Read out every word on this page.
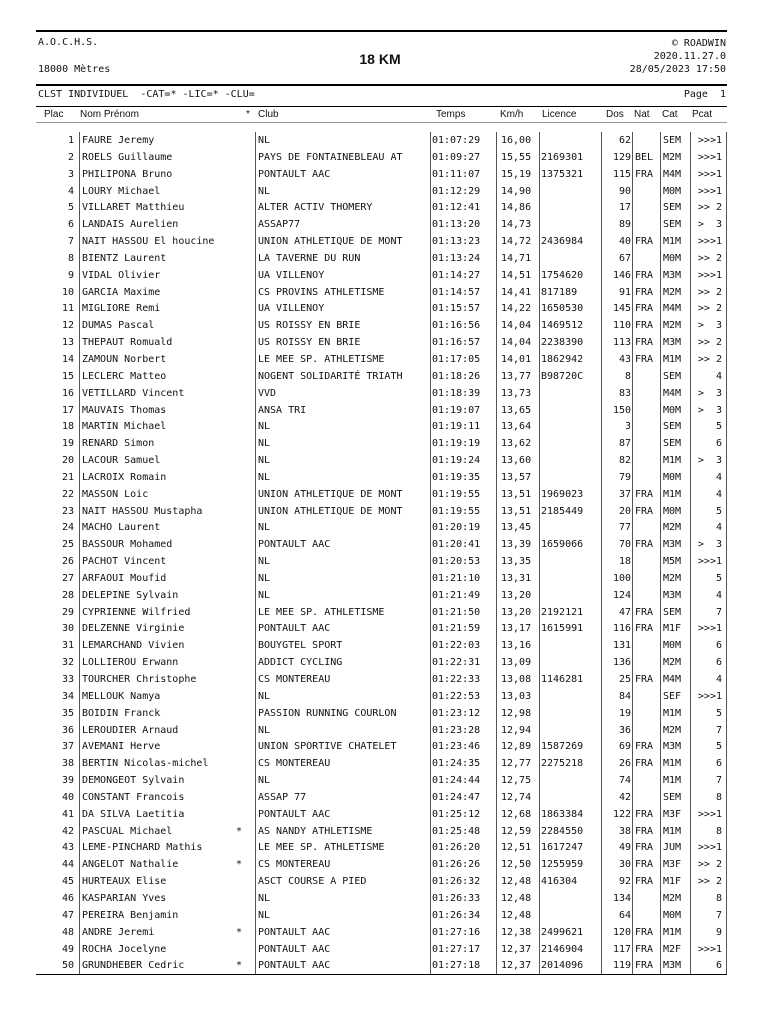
A.O.C.H.S.
18000 Mètres
18 KM
© ROADWIN
2020.11.27.0
28/05/2023 17:50
CLST INDIVIDUEL  -CAT=* -LIC=* -CLU=	Page  1
Plac Nom Prénom	* Club	Temps	Km/h Licence	Dos Nat Cat Pcat
1 FAURE Jeremy	NL	01:07:29	16,00	62	SEM	>>>1
2 ROELS Guillaume	PAYS DE FONTAINEBLEAU AT	01:09:27	15,55 2169301	129 BEL M2M	>>>1
3 PHILIPONA Bruno	PONTAULT AAC	01:11:07	15,19 1375321	115 FRA M4M	>>>1
4 LOURY Michael	NL	01:12:29	14,90	90	M0M	>>>1
5 VILLARET Matthieu	ALTER ACTIV THOMERY	01:12:41	14,86	17	SEM	>> 2
6 LANDAIS Aurelien	ASSAP77	01:13:20	14,73	89	SEM	>  3
7 NAIT HASSOU El houcine	UNION ATHLETIQUE DE MONT	01:13:23	14,72 2436984	40 FRA M1M	>>>1
8 BIENTZ Laurent	LA TAVERNE DU RUN	01:13:24	14,71	67	M0M	>> 2
9 VIDAL Olivier	UA VILLENOY	01:14:27	14,51 1754620	146 FRA M3M	>>>1
10 GARCIA Maxime	CS PROVINS ATHLETISME	01:14:57	14,41 817189	91 FRA M2M	>> 2
11 MIGLIORE Remi	UA VILLENOY	01:15:57	14,22 1650530	145 FRA M4M	>> 2
12 DUMAS Pascal	US ROISSY EN BRIE	01:16:56	14,04 1469512	110 FRA M2M	>  3
13 THEPAUT Romuald	US ROISSY EN BRIE	01:16:57	14,04 2238390	113 FRA M3M	>> 2
14 ZAMOUN Norbert	LE MEE SP. ATHLETISME	01:17:05	14,01 1862942	43 FRA M1M	>> 2
15 LECLERC Matteo	NOGENT SOLIDARITÉ TRIATH	01:18:26	13,77 B98720C	8	SEM	4
16 VETILLARD Vincent	VVD	01:18:39	13,73	83	M4M	>  3
17 MAUVAIS Thomas	ANSA TRI	01:19:07	13,65	150	M0M	>  3
18 MARTIN Michael	NL	01:19:11	13,64	3	SEM	5
19 RENARD Simon	NL	01:19:19	13,62	87	SEM	6
20 LACOUR Samuel	NL	01:19:24	13,60	82	M1M	>  3
21 LACROIX Romain	NL	01:19:35	13,57	79	M0M	4
22 MASSON Loic	UNION ATHLETIQUE DE MONT	01:19:55	13,51 1969023	37 FRA M1M	4
23 NAIT HASSOU Mustapha	UNION ATHLETIQUE DE MONT	01:19:55	13,51 2185449	20 FRA M0M	5
24 MACHO Laurent	NL	01:20:19	13,45	77	M2M	4
25 BASSOUR Mohamed	PONTAULT AAC	01:20:41	13,39 1659066	70 FRA M3M	>  3
26 PACHOT Vincent	NL	01:20:53	13,35	18	M5M	>>>1
27 ARFAOUI Moufid	NL	01:21:10	13,31	100	M2M	5
28 DELEPINE Sylvain	NL	01:21:49	13,20	124	M3M	4
29 CYPRIENNE Wilfried	LE MEE SP. ATHLETISME	01:21:50	13,20 2192121	47 FRA SEM	7
30 DELZENNE Virginie	PONTAULT AAC	01:21:59	13,17 1615991	116 FRA M1F	>>>1
31 LEMARCHAND Vivien	BOUYGTEL SPORT	01:22:03	13,16	131	M0M	6
32 LOLLIEROU Erwann	ADDICT CYCLING	01:22:31	13,09	136	M2M	6
33 TOURCHER Christophe	CS MONTEREAU	01:22:33	13,08 1146281	25 FRA M4M	4
34 MELLOUK Namya	NL	01:22:53	13,03	84	SEF	>>>1
35 BOIDIN Franck	PASSION RUNNING COURLON	01:23:12	12,98	19	M1M	5
36 LEROUDIER Arnaud	NL	01:23:28	12,94	36	M2M	7
37 AVEMANI Herve	UNION SPORTIVE CHATELET	01:23:46	12,89 1587269	69 FRA M3M	5
38 BERTIN Nicolas-michel	CS MONTEREAU	01:24:35	12,77 2275218	26 FRA M1M	6
39 DEMONGEOT Sylvain	NL	01:24:44	12,75	74	M1M	7
40 CONSTANT Francois	ASSAP 77	01:24:47	12,74	42	SEM	8
41 DA SILVA Laetitia	PONTAULT AAC	01:25:12	12,68 1863384	122 FRA M3F	>>>1
42 PASCUAL Michael	*	AS NANDY ATHLETISME	01:25:48	12,59 2284550	38 FRA M1M	8
43 LEME-PINCHARD Mathis	LE MEE SP. ATHLETISME	01:26:20	12,51 1617247	49 FRA JUM	>>>1
44 ANGELOT Nathalie	*	CS MONTEREAU	01:26:26	12,50 1255959	30 FRA M3F	>> 2
45 HURTEAUX Elise	ASCT COURSE A PIED	01:26:32	12,48 416304	92 FRA M1F	>> 2
46 KASPARIAN Yves	NL	01:26:33	12,48	134	M2M	8
47 PEREIRA Benjamin	NL	01:26:34	12,48	64	M0M	7
48 ANDRE Jeremi	*	PONTAULT AAC	01:27:16	12,38 2499621	120 FRA M1M	9
49 ROCHA Jocelyne	PONTAULT AAC	01:27:17	12,37 2146904	117 FRA M2F	>>>1
50 GRUNDHEBER Cedric	*	PONTAULT AAC	01:27:18	12,37 2014096	119 FRA M3M	6
